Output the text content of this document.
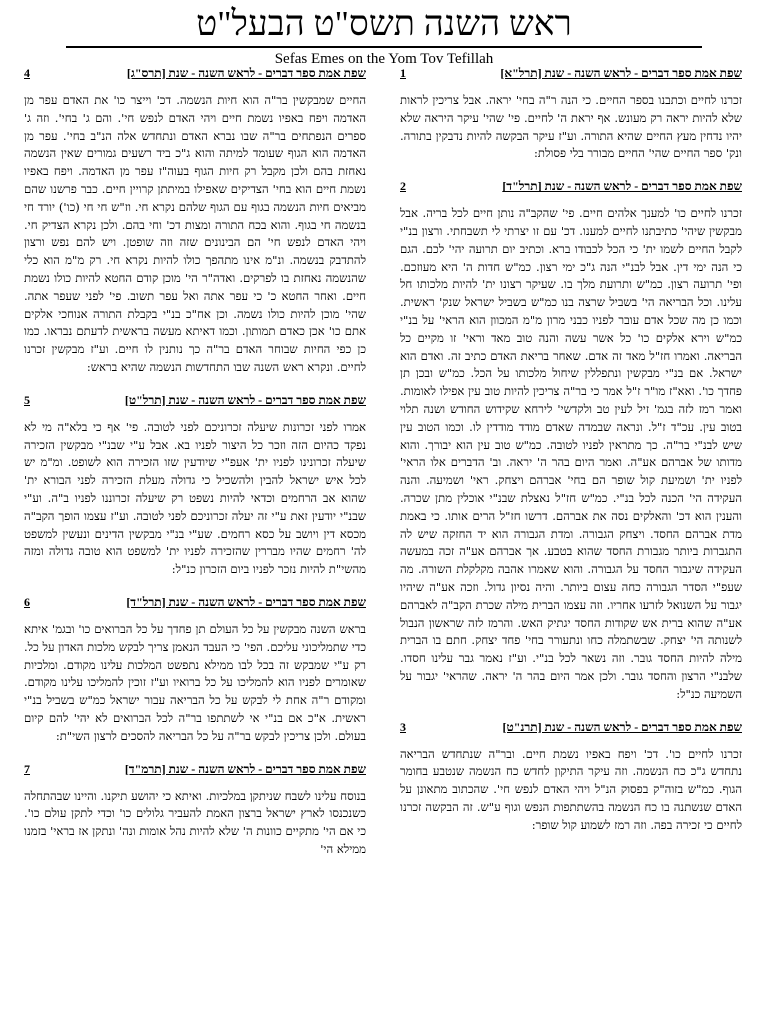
ראש השנה תשס"ט הבעל"ט
Sefas Emes on the Yom Tov Tefillah
שפת אמת ספר דברים - לראש השנה - שנת [תרל"א]
1
זכרנו לחיים וכתבנו בספר החיים. כי הנה ר"ה בחי' יראה. אבל צריכין לראות שלא להיות יראה רק מעונש. אף יראת ה' לחיים. פי' שהי' עיקר היראה שלא יהיו נדחין מעץ החיים שהיא התורה. וע"ז עיקר הבקשה להיות נדבקין בתורה. ונק' ספר החיים שהי' החיים מבורר בלי פסולת:
שפת אמת ספר דברים - לראש השנה - שנת [תרל"ד]
2
זכרנו לחיים כו' למענך אלהים חיים. פי' שהקב"ה נותן חיים לכל בריה. אבל מבקשין שיהי' כתיבתנו לחיים למענו. דכ' עם זו יצרתי לי תשבחתי. ורצון בנ"י לקבל החיים לשמו ית' כי הכל לכבודו ברא. וכתיב יום תרועה יהי' לכם. הגם כי הנה ימי דין. אבל לבנ"י הנה ג"כ ימי רצון. כמ"ש חדות ה' היא מעוזכם. ופי' תרועה רצון. כמ"ש ותרועת מלך בו. שעיקר רצונו ית' להיות מלכותו חל עלינו. וכל הבריאה הי' בשביל שרצה בנו כמ"ש בשביל ישראל שנק' ראשית. וכמו כן מה שכל אדם עובר לפניו כבני מרון מ"מ המכוון הוא הראי' על בנ"י כמ"ש וירא אלקים כו' כל אשר עשה והנה טוב מאד וראי' זו מקיים כל הבריאה. ואמרו חז"ל מאד זה אדם. שאחר בריאת האדם כתיב זה. ואדם הוא ישראל. אם בנ"י מבקשין ונתפללין שיחול מלכותו על הכל. כמ"ש ובכן תן פחדך כו'. ואא"ז מו"ר ז"ל אמר כי בר"ה צריכין להיות טוב עין אפילו לאומות. ואמר רמז לזה בגמ' זיל לעין טב ולקדשי' לירחא שקידוש החודש ושנה תלוי בטוב עין. עכ"ד ז"ל. ונראה שבמדה שאדם מודד מודדין לו. וכמו הטוב עין שיש לבנ"י בר"ה. כך מתראין לפניו לטובה. כמ"ש טוב עין הוא יבורך. והוא מדותו של אברהם אע"ה. ואמר היום בהר ה' יראה. וב' הדברים אלו הראי' לפניו ית' ושמיעת קול שופר הם בחי' אברהם ויצחק. ראי' ושמיעה. והנה העקידה הי' הכנה לכל בנ"י. כמ"ש חז"ל נאצלת שבנ"י אוכלין מתן שכרה. והענין הוא דכ' והאלקים נסה את אברהם. דרשו חז"ל הרים אותו. כי באמת מדת אברהם החסד. ויצחק הגבורה. ומדת הגבורה הוא יד החזקה שיש לה התגברות ביותר מגבורת החסד שהוא בטבע. אך אברהם אע"ה זכה במעשה העקידה שיגבור החסד על הגבורה. והוא שאמרו אהבה מקלקלת השורה. מה שעפ"י הסדר הגבורה כחה עצום ביותר. והיה נסיון גדול. וזכה אע"ה שיהיו יגבור על השנואל לזרעו אחריו. וזה עצמו הברית מילה שכרת הקב"ה לאברהם אע"ה שהוא ברית אש שקודות החסד יגתיק האש. והרמז לזה שראשון הנבול לשנותה הי' יצחק. שבשתמלה כחו ונתעורר בחי' פחד יצחק. חתם בו הברית מילה להיות החסד גובר. וזה נשאר לכל בנ"י. וע"ז נאמר גבר עלינו חסדו. שלבנ"י הרצון והחסד גובר. ולכן אמר היום בהר ה' יראה. שהראי' יגבור על השמיעה כנ"ל:
שפת אמת ספר דברים - לראש השנה - שנת [תרנ"ט]
3
זכרנו לחיים כו'. דכ' ויפח באפיו נשמת חיים. ובר"ה שנתחדש הבריאה נתחדש ג"כ כח הנשמה. וזה עיקר התיקון לחדש כח הנשמה שנטבע בחומר הגוף. כמ"ש בזוה"ק בפסוק הנ"ל ויהי האדם לנפש חי'. שהכתוב מתאונן על האדם שנשתנה בו כח הנשמה בהשתתפות הנפש וגוף ע"ש. זה הבקשה זכרנו לחיים כי זכירה בפה. וזה רמז לשמוע קול שופר:
שפת אמת ספר דברים - לראש השנה - שנת [תרס"ג]
4
החיים שמבקשין בר"ה הוא חיות הנשמה. דכ' וייצר כו' את האדם עפר מן האדמה ויפח באפיו נשמת חיים ויהי האדם לנפש חי'. והם ג' בחי'. וזה ג' ספרים הנפתחים בר"ה שבו נברא האדם ונתחדש אלה הנ"ב בחי'. עפר מן האדמה הוא הגוף שעומד למיתה והוא ג"כ ביד רשעים גמורים שאין הנשמה נאחזת בהם ולכן מקבל רק חיות הגוף בעוה"ז עפר מן האדמה. ויפח באפיו נשמת חיים הוא בחי' הצדיקים שאפילו במיתתן קרויין חיים. כבר פרשנו שהם מביאים חיות הנשמה בגוף עם הגוף שלהם נקרא חי. וז"ש חי חי (כו') יורד חי בנשמה חי בגוף. והוא בכח התורה ומצות דכ' וחי בהם. ולכן נקרא הצדיק חי. ויהי האדם לנפש חי' הם הבינונים שזה וזה שופטן. ויש להם נפש ורצון להתדבק בנשמה. ונ"מ אינו מתהפך כולו להיות נקרא חי. רק מ"מ הוא כלי שהנשמה נאחזת בו לפרקים. ואדה"ר הי' מוכן קודם החטא להיות כולו נשמת חיים. ואחר החטא כ' כי עפר אתה ואל עפר תשוב. פי' לפני שעפר אתה. שהי' מוכן להיות כולו נשמה. וכן אח"כ בנ"י בקבלת התורה אנוחכי אלקים אתם כו' אכן כאדם תמותון. וכמו דאיתא מעשה בראשית לדעתם נבראו. כמו כן כפי החיות שבוחר האדם בר"ה כך נותנין לו חיים. וע"ז מבקשין זכרנו לחיים. ונקרא ראש השנה שבו התחדשות הנשמה שהיא בראש:
שפת אמת ספר דברים - לראש השנה - שנת [תרל"ט]
5
אמרו לפני זכרונות שיעלה זכרוניכם לפני לטובה. פי' אף כי בלא"ה מי לא נפקד כהיום הזה וזכר כל היצור לפניו בא. אבל ע"י שבנ"י מבקשין הזכירה שיעלה זכרונינו לפניו ית' אעפ"י שיודעין שזו הזכירה הוא לשופט. ומ"מ יש לכל איש ישראל להבין ולהשכיל כי גדולה מעלת הזכירה לפני הבורא ית' שהוא אב הרחמים וכדאי להיות נשפט רק שיעלה זכרוננו לפניו ב"ה. וע"י שבנ"י יודעין זאת ע"י זה יעלה זכרוניכם לפני לטובה. וע"ז עצמו הופך הקב"ה מכסא דין ויושב על כסא רחמים. שע"י בנ"י מבקשין הדינים ונעשין למשפט לה' רחמים שהיו מבררין שהזכירה לפניו ית' למשפט הוא טובה גדולה ומזה מהשי"ת להיות נזכר לפניו ביום הזכרון כנ"ל:
שפת אמת ספר דברים - לראש השנה - שנת [תרל"ד]
6
בראש השנה מבקשין על כל העולם תן פחדך על כל הברואים כו' ובגמ' איתא כדי שתמליכוני עליכם. הפי' כי העבד הנאמן צריך לבקש מלכות האדון על כל. רק ע"י שמבקש זה בכל לבו ממילא נתפשט המלכות עלינו מקודם. ומלכיות שאומרים לפניו הוא להמליכו על כל ברואיו וע"ז זוכין להמליכו עלינו מקודם. ומקודם ר"ה אחת לי לבקש על כל הבריאה עבור ישראל כמ"ש בשביל בנ"י ראשית. א"כ אם בנ"י אי לשתתפו בר"ה לכל הברואים לא יהי' להם קיום בעולם. ולכן צריכין לבקש בר"ה על כל הבריאה להסכים לרצון השי"ת:
שפת אמת ספר דברים - לראש השנה - שנת [תרמ"ד]
7
בנוסח עלינו לשבח שניתקן במלכיות. ואיתא כי יהושע תיקנו. והיינו שבהתחלה כשנכנסו לארץ ישראל ברצון האמת להעביר גלולים כו' וכדי לתקן עולם כו'. כי אם הי' מתקיים כוונות ה' שלא להיות נהל אומות ונה' ונתקן אז בראי' בזמנו ממילא הי'
